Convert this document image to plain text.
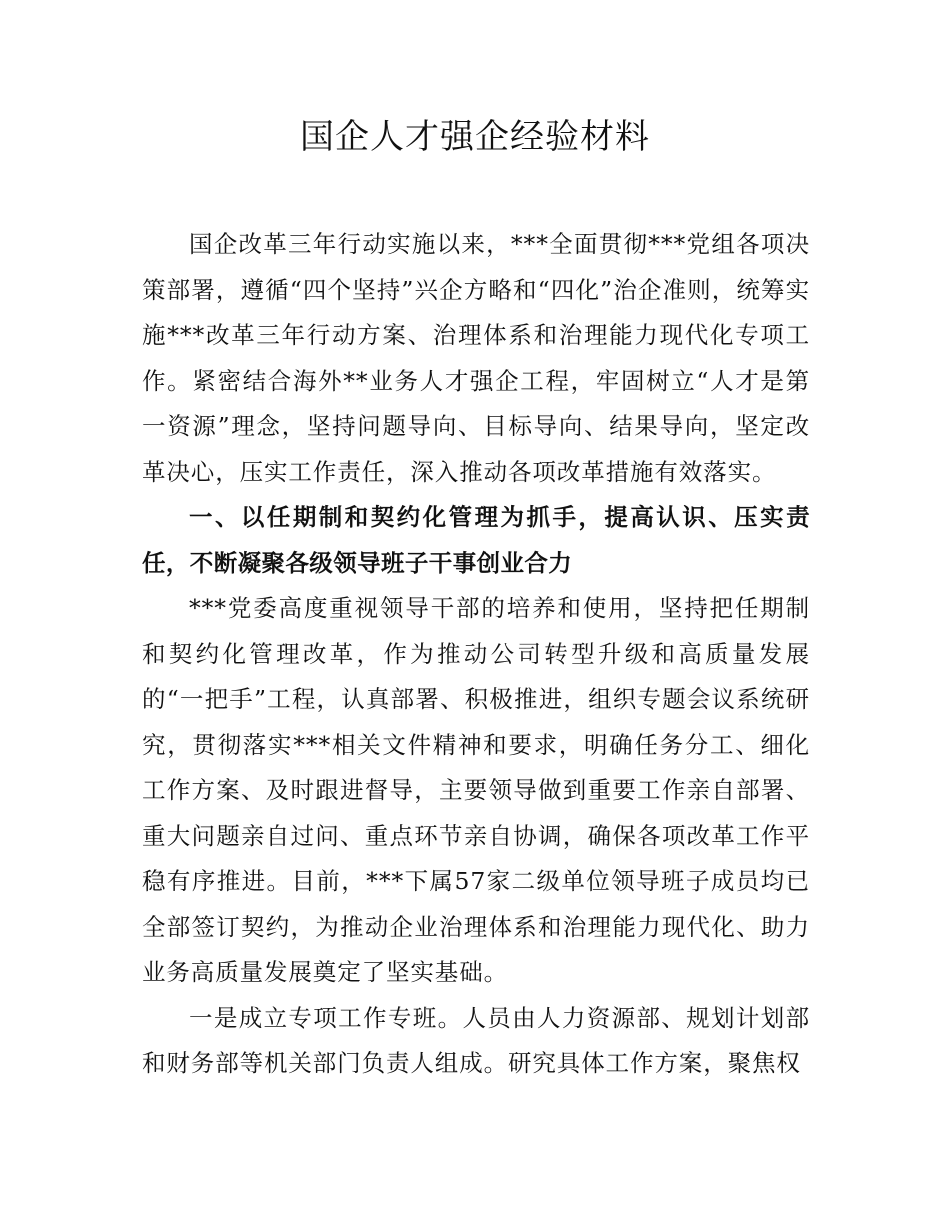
国企人才强企经验材料

国企改革三年行动实施以来，***全面贯彻***党组各项决策部署，遵循“四个坚持”兴企方略和“四化”治企准则，统筹实施***改革三年行动方案、治理体系和治理能力现代化专项工作。紧密结合海外**业务人才强企工程，牢固树立“人才是第一资源”理念，坚持问题导向、目标导向、结果导向，坚定改革决心，压实工作责任，深入推动各项改革措施有效落实。

一、以任期制和契约化管理为抓手，提高认识、压实责任，不断凝聚各级领导班子干事创业合力

***党委高度重视领导干部的培养和使用，坚持把任期制和契约化管理改革，作为推动公司转型升级和高质量发展的“一把手”工程，认真部署、积极推进，组织专题会议系统研究，贯彻落实***相关文件精神和要求，明确任务分工、细化工作方案、及时跟进督导，主要领导做到重要工作亲自部署、重大问题亲自过问、重点环节亲自协调，确保各项改革工作平稳有序推进。目前，***下属57家二级单位领导班子成员均已全部签订契约，为推动企业治理体系和治理能力现代化、助力业务高质量发展奠定了坚实基础。

一是成立专项工作专班。人员由人力资源部、规划计划部和财务部等机关部门负责人组成。研究具体工作方案，聚焦权
